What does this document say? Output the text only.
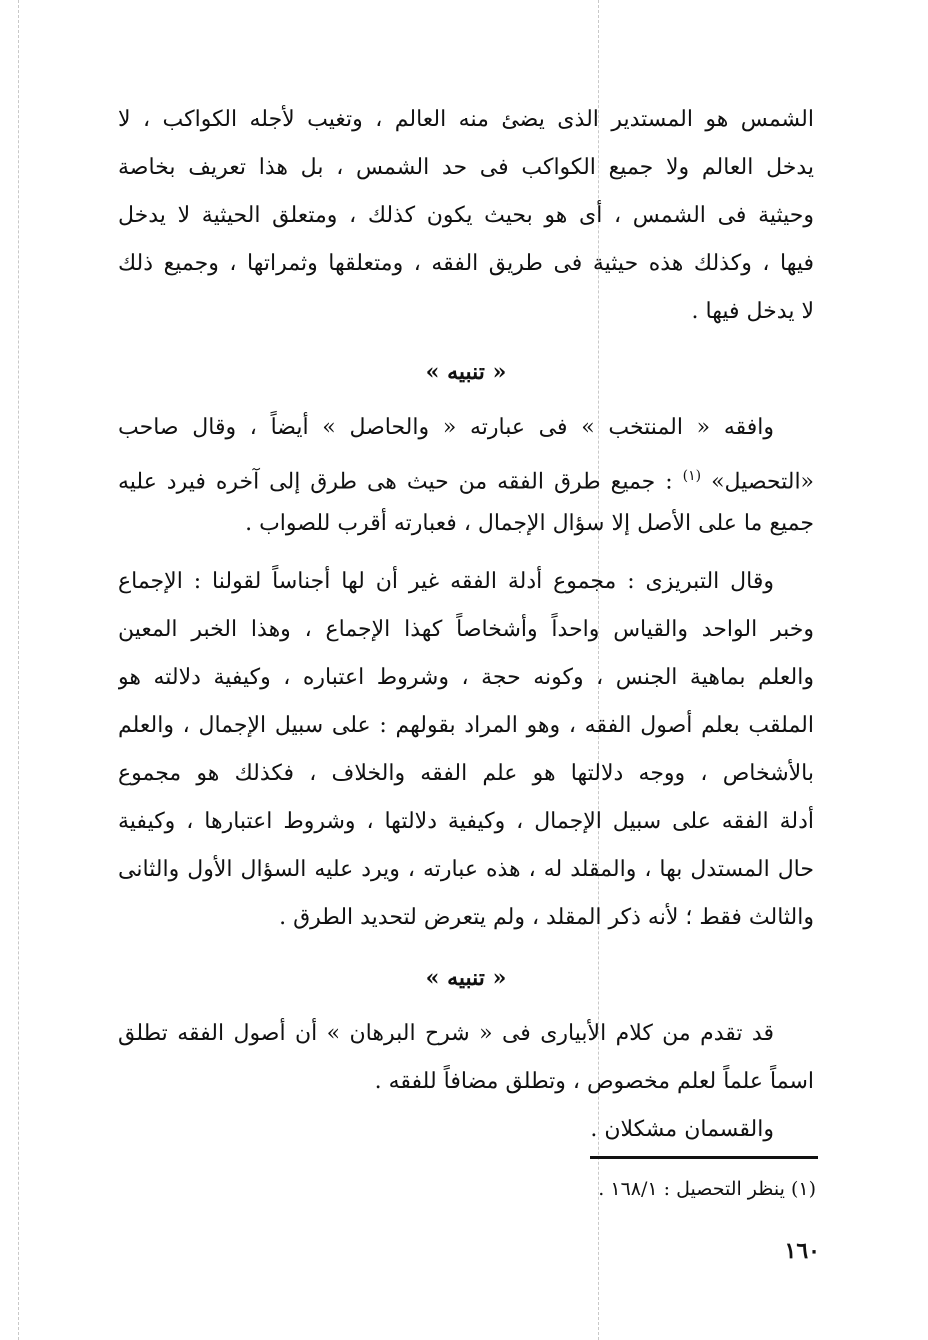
الشمس هو المستدير الذى يضئ منه العالم ، وتغيب لأجله الكواكب ، لا
يدخل العالم ولا جميع الكواكب فى حد الشمس ، بل هذا تعريف بخاصة
وحيثية فى الشمس ، أى هو بحيث يكون كذلك ، ومتعلق الحيثية لا يدخل
فيها ، وكذلك هذه حيثية فى طريق الفقه ، ومتعلقها وثمراتها ، وجميع ذلك
لا يدخل فيها .
« تنبيه »
وافقه « المنتخب » فى عبارته « والحاصل » أيضاً ، وقال صاحب
«التحصيل» $^{(١)}$ : جميع طرق الفقه من حيث هى طرق إلى آخره فيرد عليه
جميع ما على الأصل إلا سؤال الإجمال ، فعبارته أقرب للصواب .
وقال التبريزى : مجموع أدلة الفقه غير أن لها أجناساً لقولنا : الإجماع
وخبر الواحد والقياس واحداً وأشخاصاً كهذا الإجماع ، وهذا الخبر المعين
والعلم بماهية الجنس ، وكونه حجة ، وشروط اعتباره ، وكيفية دلالته هو
الملقب بعلم أصول الفقه ، وهو المراد بقولهم : على سبيل الإجمال ، والعلم
بالأشخاص ، ووجه دلالتها هو علم الفقه والخلاف ، فكذلك هو مجموع
أدلة الفقه على سبيل الإجمال ، وكيفية دلالتها ، وشروط اعتبارها ، وكيفية
حال المستدل بها ، والمقلد له ، هذه عبارته ، ويرد عليه السؤال الأول والثانى
والثالث فقط ؛ لأنه ذكر المقلد ، ولم يتعرض لتحديد الطرق .
« تنبيه »
قد تقدم من كلام الأبيارى فى « شرح البرهان » أن أصول الفقه تطلق
اسماً علماً لعلم مخصوص ، وتطلق مضافاً للفقه .
والقسمان مشكلان .
(١) ينظر التحصيل : ١٦٨/١ .
١٦٠
